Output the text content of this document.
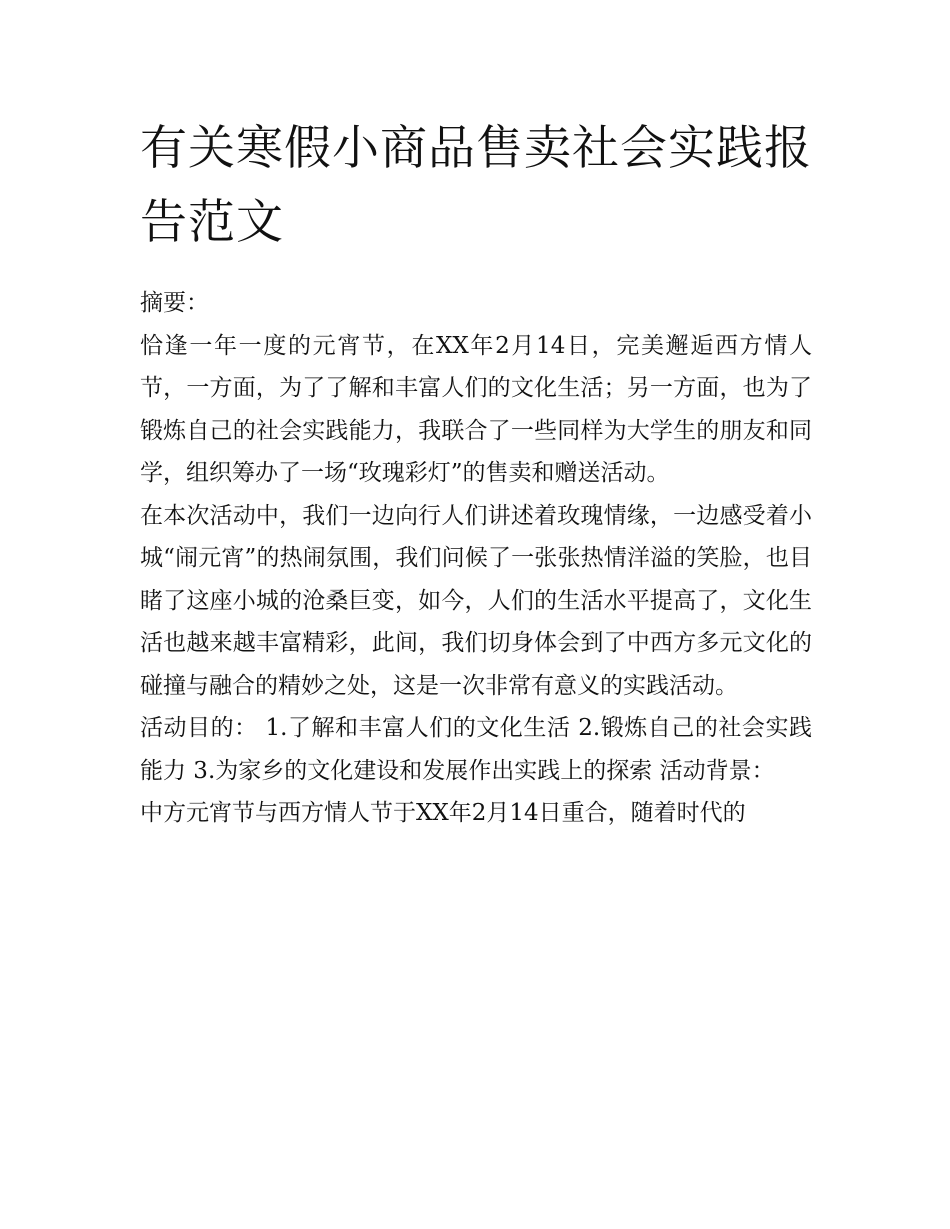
有关寒假小商品售卖社会实践报告范文

摘要：

恰逢一年一度的元宵节，在XX年2月14日，完美邂逅西方情人节，一方面，为了了解和丰富人们的文化生活；另一方面，也为了锻炼自己的社会实践能力，我联合了一些同样为大学生的朋友和同学，组织筹办了一场“玫瑰彩灯”的售卖和赠送活动。

在本次活动中，我们一边向行人们讲述着玫瑰情缘，一边感受着小城“闹元宵”的热闹氛围，我们问候了一张张热情洋溢的笑脸，也目睹了这座小城的沧桑巨变，如今，人们的生活水平提高了，文化生活也越来越丰富精彩，此间，我们切身体会到了中西方多元文化的碰撞与融合的精妙之处，这是一次非常有意义的实践活动。

活动目的： 1.了解和丰富人们的文化生活 2.锻炼自己的社会实践能力 3.为家乡的文化建设和发展作出实践上的探索 活动背景：

中方元宵节与西方情人节于XX年2月14日重合，随着时代的
